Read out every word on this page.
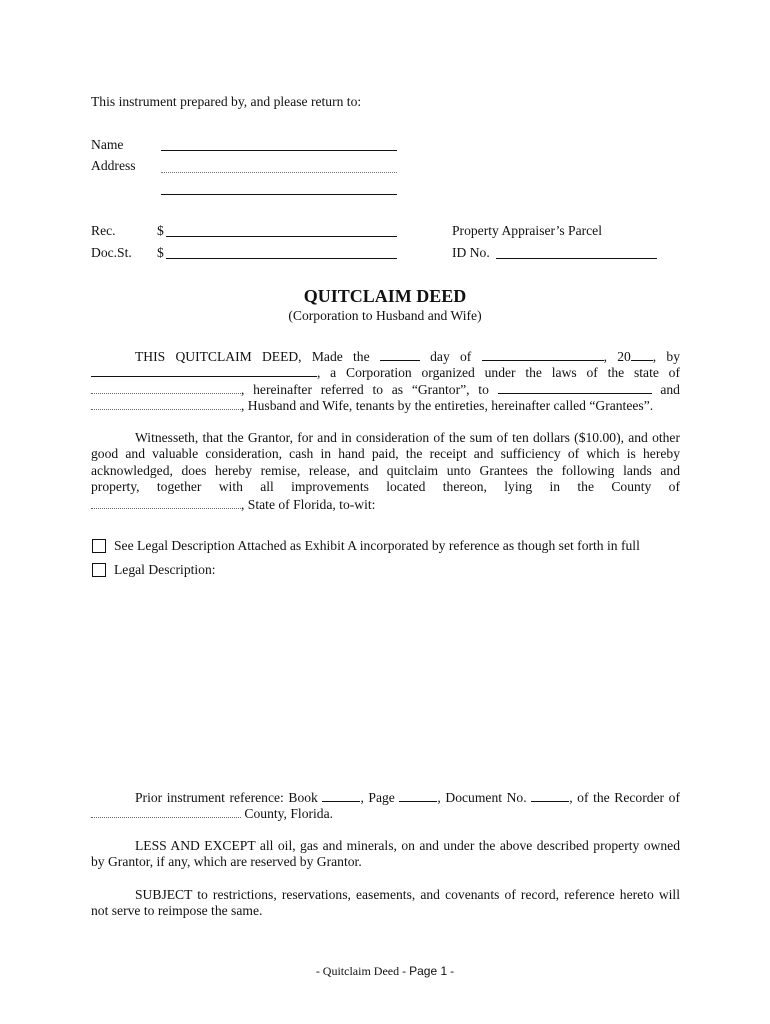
This instrument prepared by, and please return to:
Name
Address
Rec.	$
Doc.St. $
Property Appraiser’s Parcel
ID No.
QUITCLAIM DEED
(Corporation to Husband and Wife)
THIS QUITCLAIM DEED, Made the	day of	, 20 , by
, a Corporation organized under the laws of the state of
, hereinafter referred to as “Grantor”, to	and
, Husband and Wife, tenants by the entireties, hereinafter called “Grantees”.
Witnesseth, that the Grantor, for and in consideration of the sum of ten dollars ($10.00), and other
good and valuable consideration, cash in hand paid, the receipt and sufficiency of which is hereby
acknowledged, does hereby remise, release, and quitclaim unto Grantees the following lands and
property, together with all improvements located thereon, lying in the County of
, State of Florida, to-wit:
See Legal Description Attached as Exhibit A incorporated by reference as though set forth in full
Legal Description:
Prior instrument reference: Book	, Page	, Document No.	, of the Recorder of
County, Florida.
LESS AND EXCEPT all oil, gas and minerals, on and under the above described property owned
by Grantor, if any, which are reserved by Grantor.
SUBJECT to restrictions, reservations, easements, and covenants of record, reference hereto will
not serve to reimpose the same.
- Quitclaim Deed - Page 1 -
